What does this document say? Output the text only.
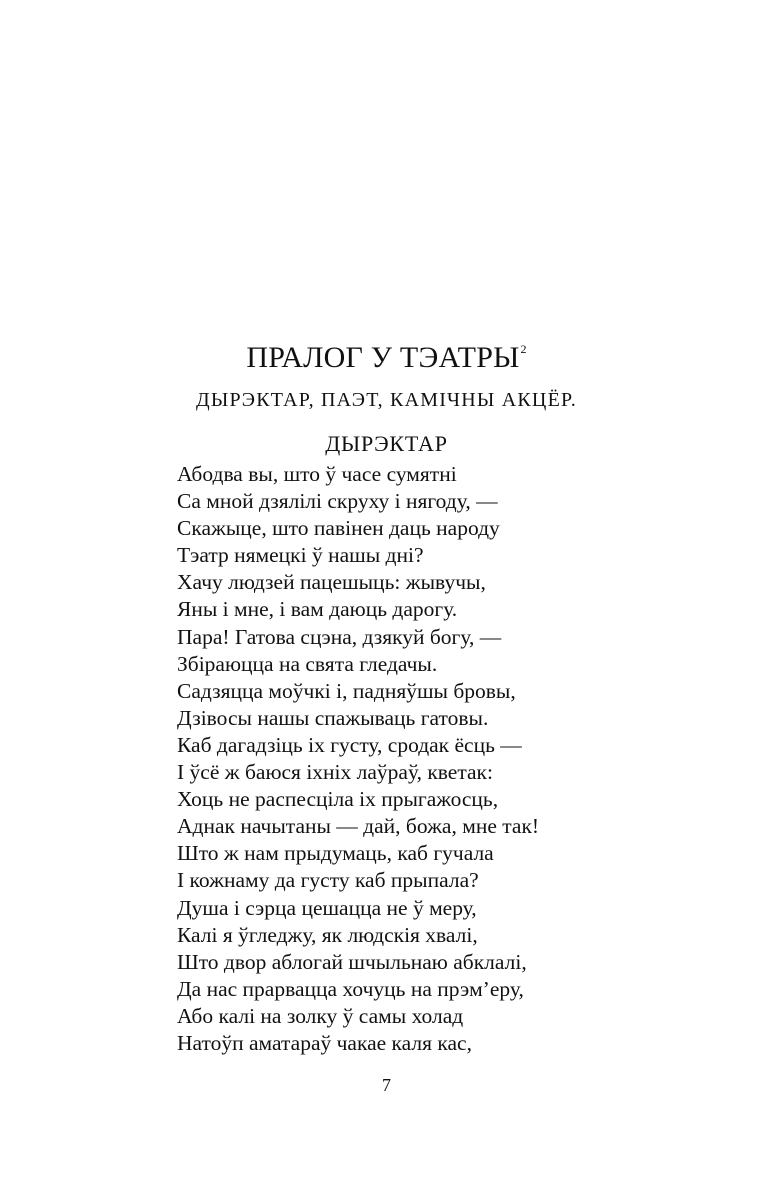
ПРАЛОГ У ТЭАТРЫ$^2$
ДЫРЭКТАР, ПАЭТ, КАМІЧНЫ АКЦЁР.
ДЫРЭКТАР
Абодва вы, што ў часе сумятні
Са мной дзялілі скруху і нягоду, —
Скажыце, што павінен даць народу
Тэатр нямецкі ў нашы дні?
Хачу людзей пацешыць: жывучы,
Яны і мне, і вам даюць дарогу.
Пара! Гатова сцэна, дзякуй богу, —
Збіраюцца на свята гледачы.
Садзяцца моўчкі і, падняўшы бровы,
Дзівосы нашы спажываць гатовы.
Каб дагадзіць іх густу, сродак ёсць —
І ўсё ж баюся іхніх лаўраў, кветак:
Хоць не распесціла іх прыгажосць,
Аднак начытаны — дай, божа, мне так!
Што ж нам прыдумаць, каб гучала
І кожнаму да густу каб прыпала?
Душа і сэрца цешацца не ў меру,
Калі я ўгледжу, як людскія хвалі,
Што двор аблогай шчыльнаю абклалі,
Да нас прарвацца хочуць на прэм’еру,
Або калі на золку ў самы холад
Натоўп аматараў чакае каля кас,
7
